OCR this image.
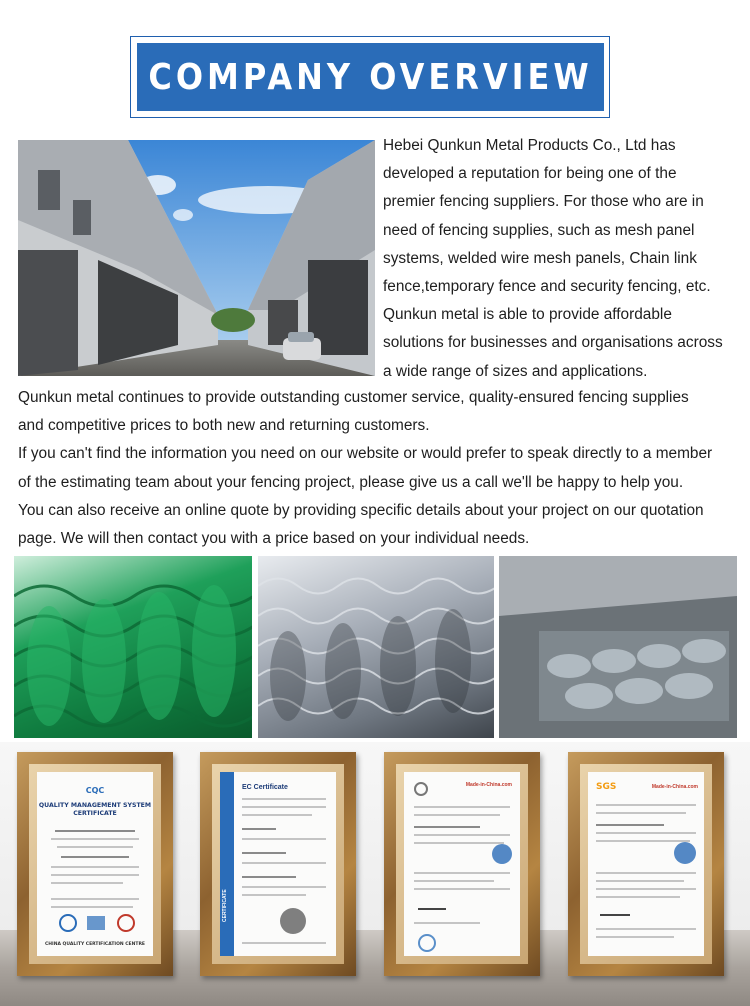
COMPANY OVERVIEW

Hebei Qunkun Metal Products Co., Ltd has
developed a reputation for being one of the
premier fencing suppliers. For those who are in
need of fencing supplies, such as mesh panel
systems, welded wire mesh panels, Chain link
fence,temporary fence and security fencing, etc.
Qunkun metal is able to provide affordable
solutions for businesses and organisations across
a wide range of sizes and applications.

Qunkun metal continues to provide outstanding customer service, quality-ensured fencing supplies
and competitive prices to both new and returning customers.
If you can't find the information you need on our website or would prefer to speak directly to a member
of the estimating team about your fencing project, please give us a call we'll be happy to help you.
You can also receive an online quote by providing specific details about your project on our quotation
page. We will then contact you with a price based on your individual needs.
CQC
QUALITY MANAGEMENT SYSTEM
CERTIFICATE
CHINA QUALITY CERTIFICATION CENTRE
CERTIFICATE
EC Certificate	Made-in-China.com	SGS	Made-in-China.com
